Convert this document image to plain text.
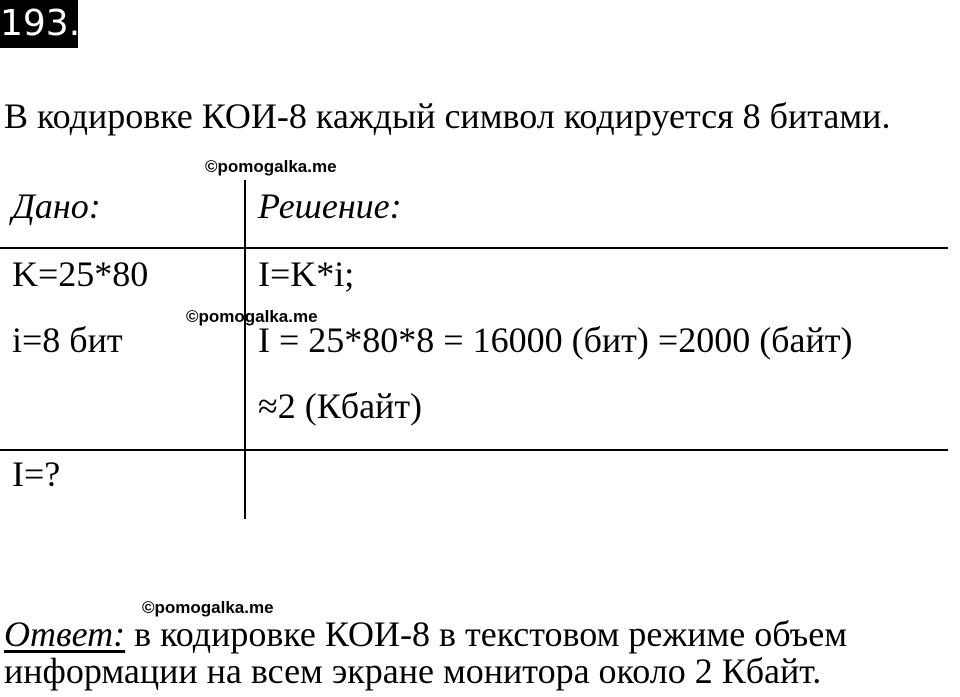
193.
В кодировке КОИ-8 каждый символ кодируется 8 битами.
©pomogalka.me
Дано:	Решение:
K=25*80	I=K*i;
©pomogalka.me
i=8 бит	I = 25*80*8 = 16000 (бит) =2000 (байт)
≈2 (Кбайт)
I=?
©pomogalka.me
Ответ: в кодировке КОИ-8 в текстовом режиме объем
информации на всем экране монитора около 2 Кбайт.
